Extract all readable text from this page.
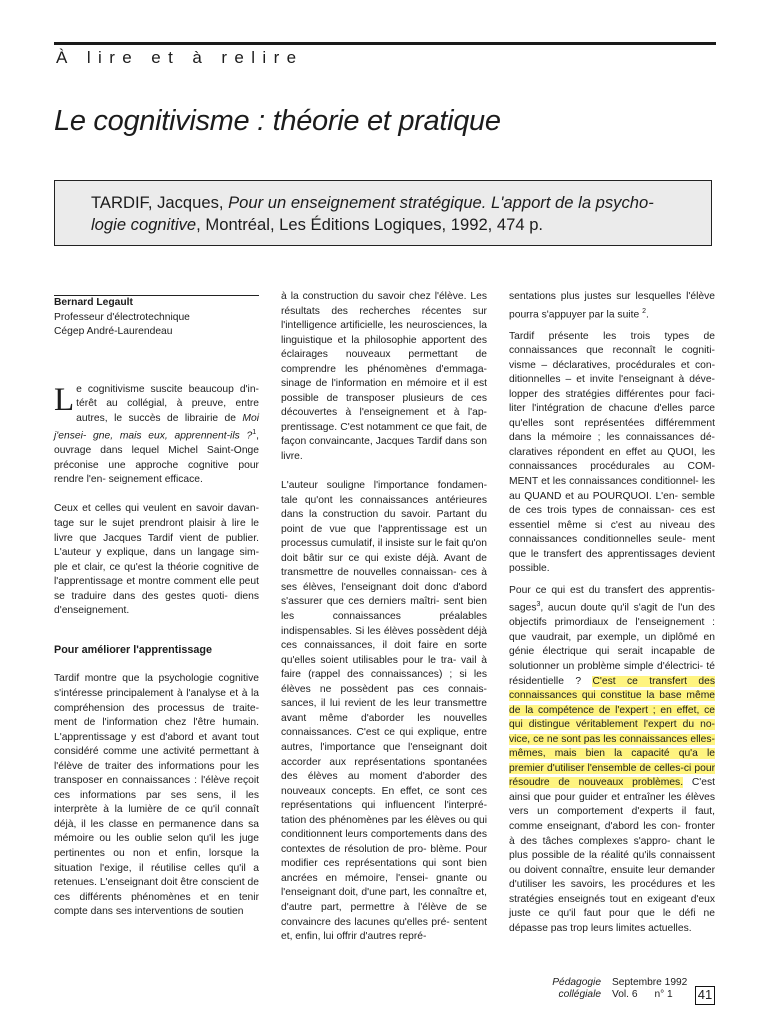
À lire et à relire
Le cognitivisme : théorie et pratique
TARDIF, Jacques, Pour un enseignement stratégique. L'apport de la psycho- logie cognitive, Montréal, Les Éditions Logiques, 1992, 474 p.

Bernard Legault

Professeur d'électrotechnique

Cégep André-Laurendeau

Le cognitivisme suscite beaucoup d'in- térêt au collégial, à preuve, entre autres, le succès de librairie de Moi j'ensei- gne, mais eux, apprennent-ils ?$^1$, ouvrage dans lequel Michel Saint-Onge préconise une approche cognitive pour rendre l'en- seignement efficace.

Ceux et celles qui veulent en savoir davan- tage sur le sujet prendront plaisir à lire le livre que Jacques Tardif vient de publier. L'auteur y explique, dans un langage sim- ple et clair, ce qu'est la théorie cognitive de l'apprentissage et montre comment elle peut se traduire dans des gestes quoti- diens d'enseignement.

Pour améliorer l'apprentissage

Tardif montre que la psychologie cognitive s'intéresse principalement à l'analyse et à la compréhension des processus de traite- ment de l'information chez l'être humain. L'apprentissage y est d'abord et avant tout considéré comme une activité permettant à l'élève de traiter des informations pour les transposer en connaissances : l'élève reçoit ces informations par ses sens, il les interprète à la lumière de ce qu'il connaît déjà, il les classe en permanence dans sa mémoire ou les oublie selon qu'il les juge pertinentes ou non et enfin, lorsque la situation l'exige, il réutilise celles qu'il a retenues. L'enseignant doit être conscient de ces différents phénomènes et en tenir compte dans ses interventions de soutien

à la construction du savoir chez l'élève. Les résultats des recherches récentes sur l'intelligence artificielle, les neurosciences, la linguistique et la philosophie apportent des éclairages nouveaux permettant de comprendre les phénomènes d'emmaga- sinage de l'information en mémoire et il est possible de transposer plusieurs de ces découvertes à l'enseignement et à l'ap- prentissage. C'est notamment ce que fait, de façon convaincante, Jacques Tardif dans son livre.

L'auteur souligne l'importance fondamen- tale qu'ont les connaissances antérieures dans la construction du savoir. Partant du point de vue que l'apprentissage est un processus cumulatif, il insiste sur le fait qu'on doit bâtir sur ce qui existe déjà. Avant de transmettre de nouvelles connaissan- ces à ses élèves, l'enseignant doit donc d'abord s'assurer que ces derniers maîtri- sent bien les connaissances préalables indispensables. Si les élèves possèdent déjà ces connaissances, il doit faire en sorte qu'elles soient utilisables pour le tra- vail à faire (rappel des connaissances) ; si les élèves ne possèdent pas ces connais- sances, il lui revient de les leur transmettre avant même d'aborder les nouvelles connaissances. C'est ce qui explique, entre autres, l'importance que l'enseignant doit accorder aux représentations spontanées des élèves au moment d'aborder des nouveaux concepts. En effet, ce sont ces représentations qui influencent l'interpré- tation des phénomènes par les élèves ou qui conditionnent leurs comportements dans des contextes de résolution de pro- blème. Pour modifier ces représentations qui sont bien ancrées en mémoire, l'ensei- gnante ou l'enseignant doit, d'une part, les connaître et, d'autre part, permettre à l'élève de se convaincre des lacunes qu'elles pré- sentent et, enfin, lui offrir d'autres repré-

sentations plus justes sur lesquelles l'élève pourra s'appuyer par la suite $^2$.

Tardif présente les trois types de connaissances que reconnaît le cogniti- visme – déclaratives, procédurales et con- ditionnelles – et invite l'enseignant à déve- lopper des stratégies différentes pour faci- liter l'intégration de chacune d'elles parce qu'elles sont représentées différemment dans la mémoire ; les connaissances dé- claratives répondent en effet au QUOI, les connaissances procédurales au COM- MENT et les connaissances conditionnel- les au QUAND et au POURQUOI. L'en- semble de ces trois types de connaissan- ces est essentiel même si c'est au niveau des connaissances conditionnelles seule- ment que le transfert des apprentissages devient possible.

Pour ce qui est du transfert des apprentis- sages$^3$, aucun doute qu'il s'agit de l'un des objectifs primordiaux de l'enseignement : que vaudrait, par exemple, un diplômé en génie électrique qui serait incapable de solutionner un problème simple d'électrici- té résidentielle ? C'est ce transfert des connaissances qui constitue la base même de la compétence de l'expert ; en effet, ce qui distingue véritablement l'expert du no- vice, ce ne sont pas les connaissances elles-mêmes, mais bien la capacité qu'a le premier d'utiliser l'ensemble de celles-ci pour résoudre de nouveaux problèmes. C'est ainsi que pour guider et entraîner les élèves vers un comportement d'experts il faut, comme enseignant, d'abord les con- fronter à des tâches complexes s'appro- chant le plus possible de la réalité qu'ils connaissent ou doivent connaître, ensuite leur demander d'utiliser les savoirs, les procédures et les stratégies enseignés tout en exigeant d'eux juste ce qu'il faut pour que le défi ne dépasse pas trop leurs limites actuelles.

Pédagogie
collégiale
Septembre 1992
Vol. 6 n° 1	41
